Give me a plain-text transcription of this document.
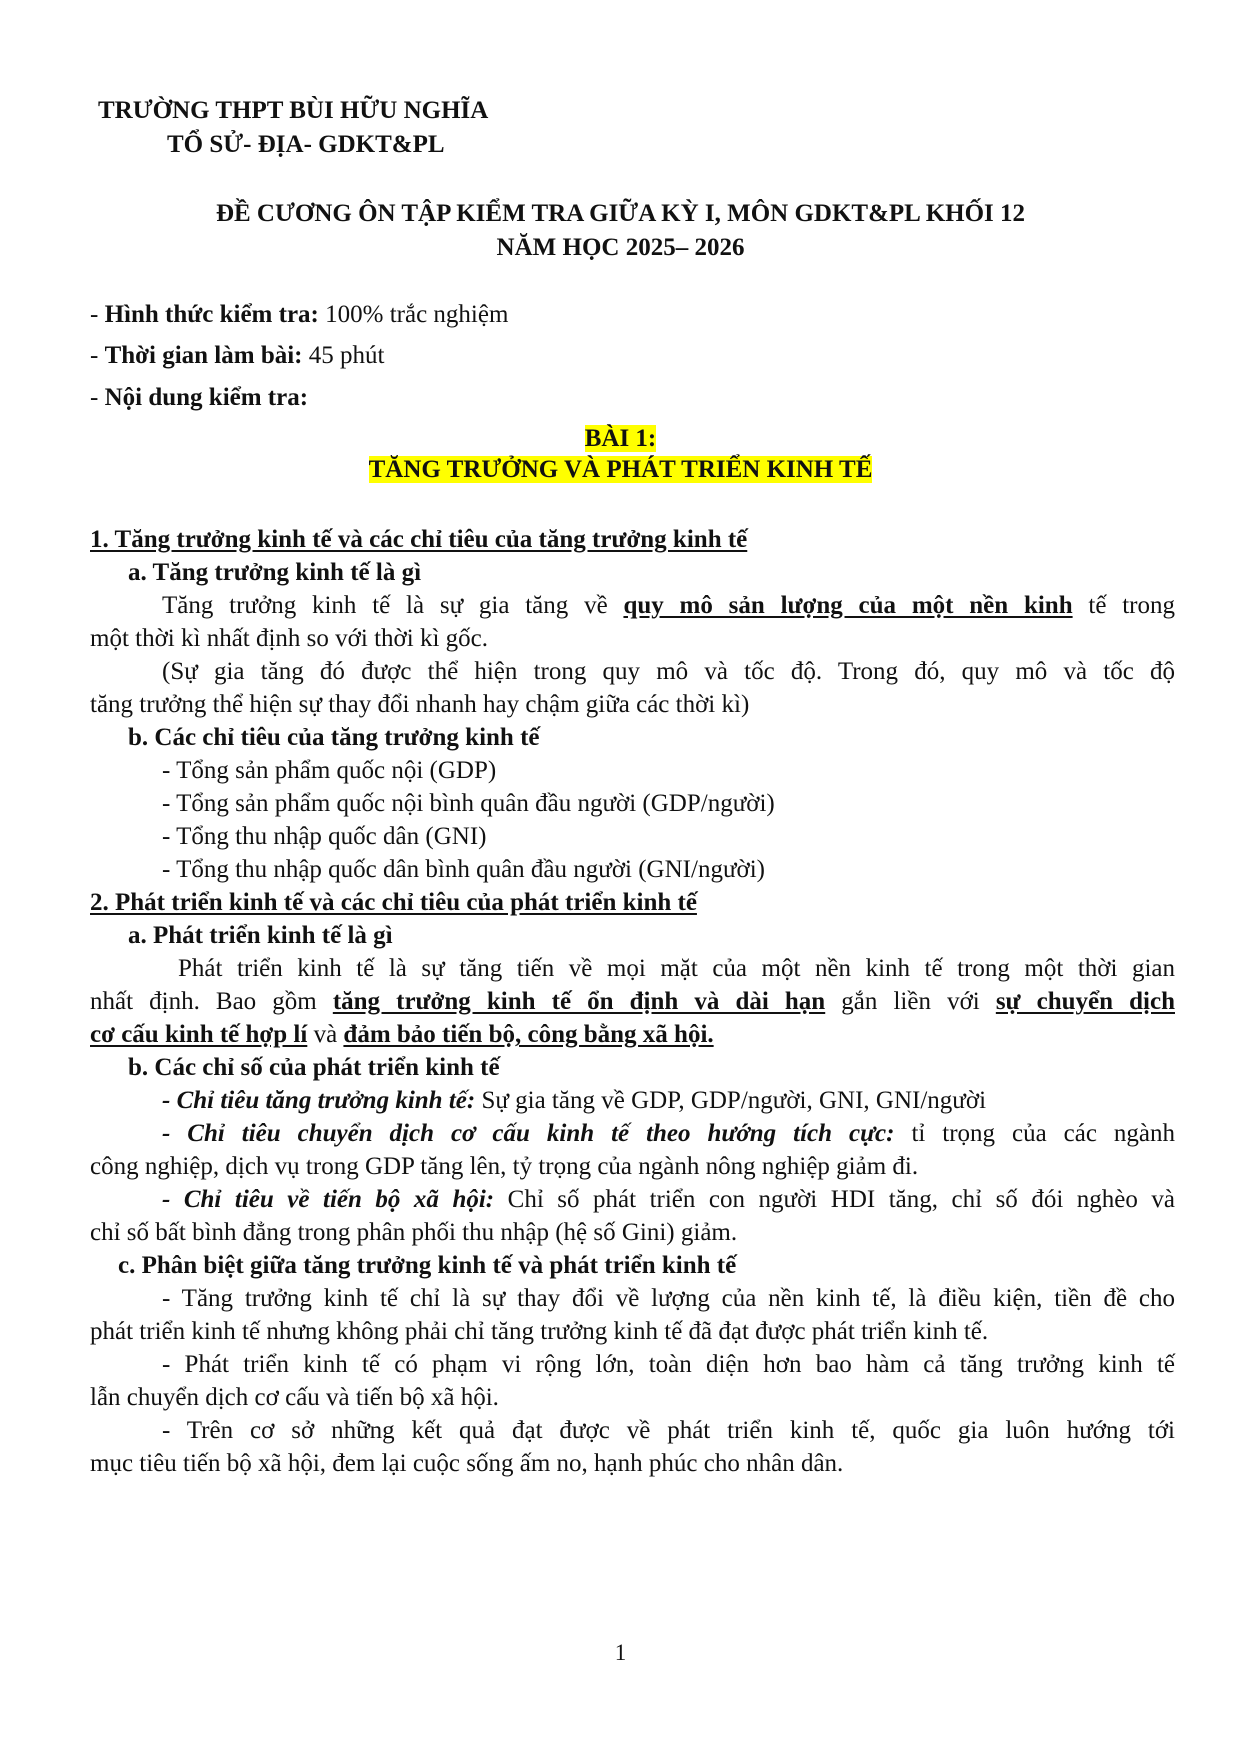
TRƯỜNG THPT BÙI HỮU NGHĨA
TỔ SỬ- ĐỊA- GDKT&PL
ĐỀ CƯƠNG ÔN TẬP KIỂM TRA GIỮA KỲ I, MÔN GDKT&PL KHỐI 12
NĂM HỌC 2025– 2026
- Hình thức kiểm tra: 100% trắc nghiệm
- Thời gian làm bài: 45 phút
- Nội dung kiểm tra:
BÀI 1:
TĂNG TRƯỞNG VÀ PHÁT TRIỂN KINH TẾ
1. Tăng trưởng kinh tế và các chỉ tiêu của tăng trưởng kinh tế
a. Tăng trưởng kinh tế là gì
Tăng trưởng kinh tế là sự gia tăng về quy mô sản lượng của một nền kinh tế trong
một thời kì nhất định so với thời kì gốc.
(Sự gia tăng đó được thể hiện trong quy mô và tốc độ. Trong đó, quy mô và tốc độ
tăng trưởng thể hiện sự thay đổi nhanh hay chậm giữa các thời kì)
b. Các chỉ tiêu của tăng trưởng kinh tế
- Tổng sản phẩm quốc nội (GDP)
- Tổng sản phẩm quốc nội bình quân đầu người (GDP/người)
- Tổng thu nhập quốc dân (GNI)
- Tổng thu nhập quốc dân bình quân đầu người (GNI/người)
2. Phát triển kinh tế và các chỉ tiêu của phát triển kinh tế
a. Phát triển kinh tế là gì
Phát triển kinh tế là sự tăng tiến về mọi mặt của một nền kinh tế trong một thời gian
nhất định. Bao gồm tăng trưởng kinh tế ổn định và dài hạn gắn liền với sự chuyển dịch
cơ cấu kinh tế hợp lí và đảm bảo tiến bộ, công bằng xã hội.
b. Các chỉ số của phát triển kinh tế
- Chỉ tiêu tăng trưởng kinh tế: Sự gia tăng về GDP, GDP/người, GNI, GNI/người
- Chỉ tiêu chuyển dịch cơ cấu kinh tế theo hướng tích cực: tỉ trọng của các ngành
công nghiệp, dịch vụ trong GDP tăng lên, tỷ trọng của ngành nông nghiệp giảm đi.
- Chỉ tiêu về tiến bộ xã hội: Chỉ số phát triển con người HDI tăng, chỉ số đói nghèo và
chỉ số bất bình đẳng trong phân phối thu nhập (hệ số Gini) giảm.
c. Phân biệt giữa tăng trưởng kinh tế và phát triển kinh tế
- Tăng trưởng kinh tế chỉ là sự thay đổi về lượng của nền kinh tế, là điều kiện, tiền đề cho
phát triển kinh tế nhưng không phải chỉ tăng trưởng kinh tế đã đạt được phát triển kinh tế.
- Phát triển kinh tế có phạm vi rộng lớn, toàn diện hơn bao hàm cả tăng trưởng kinh tế
lẫn chuyển dịch cơ cấu và tiến bộ xã hội.
- Trên cơ sở những kết quả đạt được về phát triển kinh tế, quốc gia luôn hướng tới
mục tiêu tiến bộ xã hội, đem lại cuộc sống ấm no, hạnh phúc cho nhân dân.
1
